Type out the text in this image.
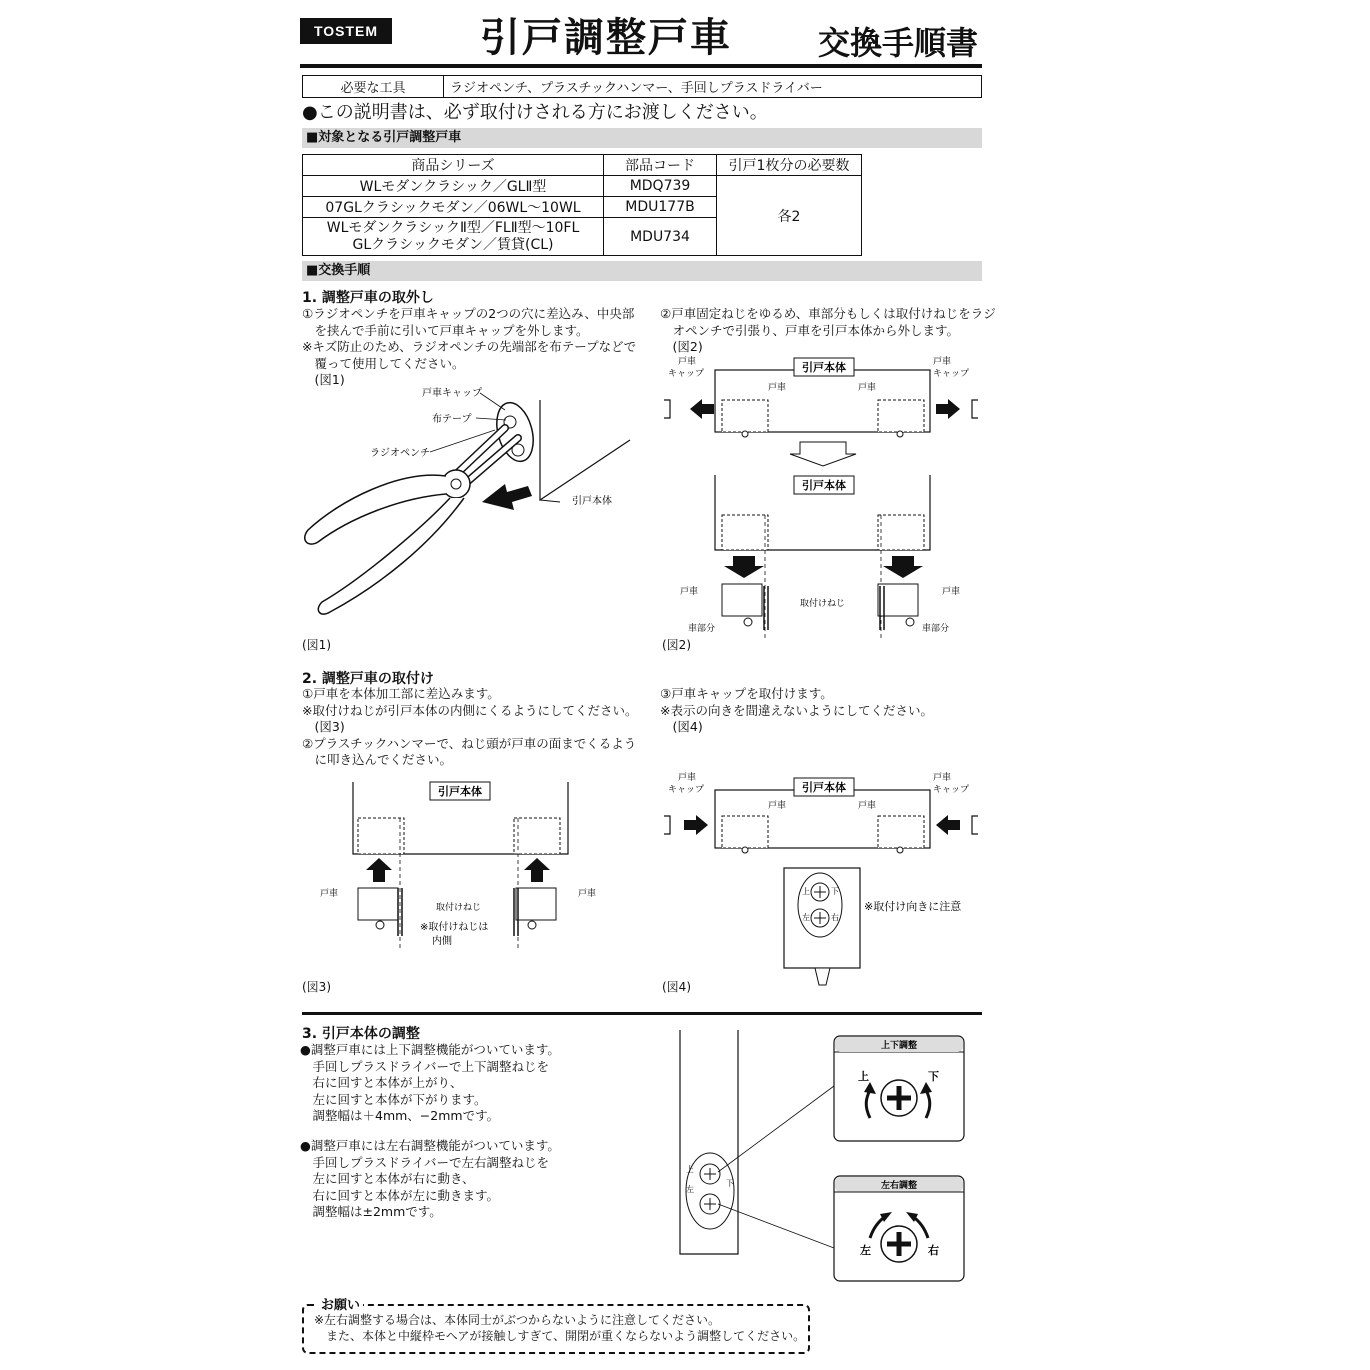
TOSTEM	引戸調整戸車	交換手順書
必要な工具	ラジオペンチ、プラスチックハンマー、手回しプラスドライバー
●この説明書は、必ず取付けされる方にお渡しください。
■対象となる引戸調整戸車
商品シリーズ	部品コード	引戸1枚分の必要数
WLモダンクラシック／GLⅡ型	MDQ739	各2
07GLクラシックモダン／06WL～10WL	MDU177B	
WLモダンクラシックⅡ型／FLⅡ型～10FL
GLクラシックモダン／賃貸(CL)	MDU734	
■交換手順
1. 調整戸車の取外し
①ラジオペンチを戸車キャップの2つの穴に差込み、中央部
　を挟んで手前に引いて戸車キャップを外します。
※キズ防止のため、ラジオペンチの先端部を布テープなどで
　覆って使用してください。
　(図1)
②戸車固定ねじをゆるめ、車部分もしくは取付けねじをラジ
　オペンチで引張り、戸車を引戸本体から外します。
　(図2)
戸車キャップ
布テープ
ラジオペンチ
引戸本体
(図1)
引戸本体
戸車
キャップ
戸車
キャップ
戸車	戸車
引戸本体
戸車	戸車
取付けねじ
車部分	車部分
(図2)
2. 調整戸車の取付け
①戸車を本体加工部に差込みます。
※取付けねじが引戸本体の内側にくるようにしてください。
　(図3)
②プラスチックハンマーで、ねじ頭が戸車の面までくるよう
　に叩き込んでください。
③戸車キャップを取付けます。
※表示の向きを間違えないようにしてください。
　(図4)
引戸本体
戸車	戸車
取付けねじ
※取付けねじは
内側
(図3)
引戸本体
戸車
キャップ
戸車
キャップ
戸車	戸車
上	下
左	右
※取付け向きに注意
(図4)
3. 引戸本体の調整
●調整戸車には上下調整機能がついています。
　手回しプラスドライバーで上下調整ねじを
　右に回すと本体が上がり、
　左に回すと本体が下がります。
　調整幅は＋4mm、−2mmです。
●調整戸車には左右調整機能がついています。
　手回しプラスドライバーで左右調整ねじを
　左に回すと本体が右に動き、
　右に回すと本体が左に動きます。
　調整幅は±2mmです。
上
左
下
上下調整
上	下
左右調整
左	右
お願い
※左右調整する場合は、本体同士がぶつからないように注意してください。
　また、本体と中縦枠モヘアが接触しすぎて、開閉が重くならないよう調整してください。
